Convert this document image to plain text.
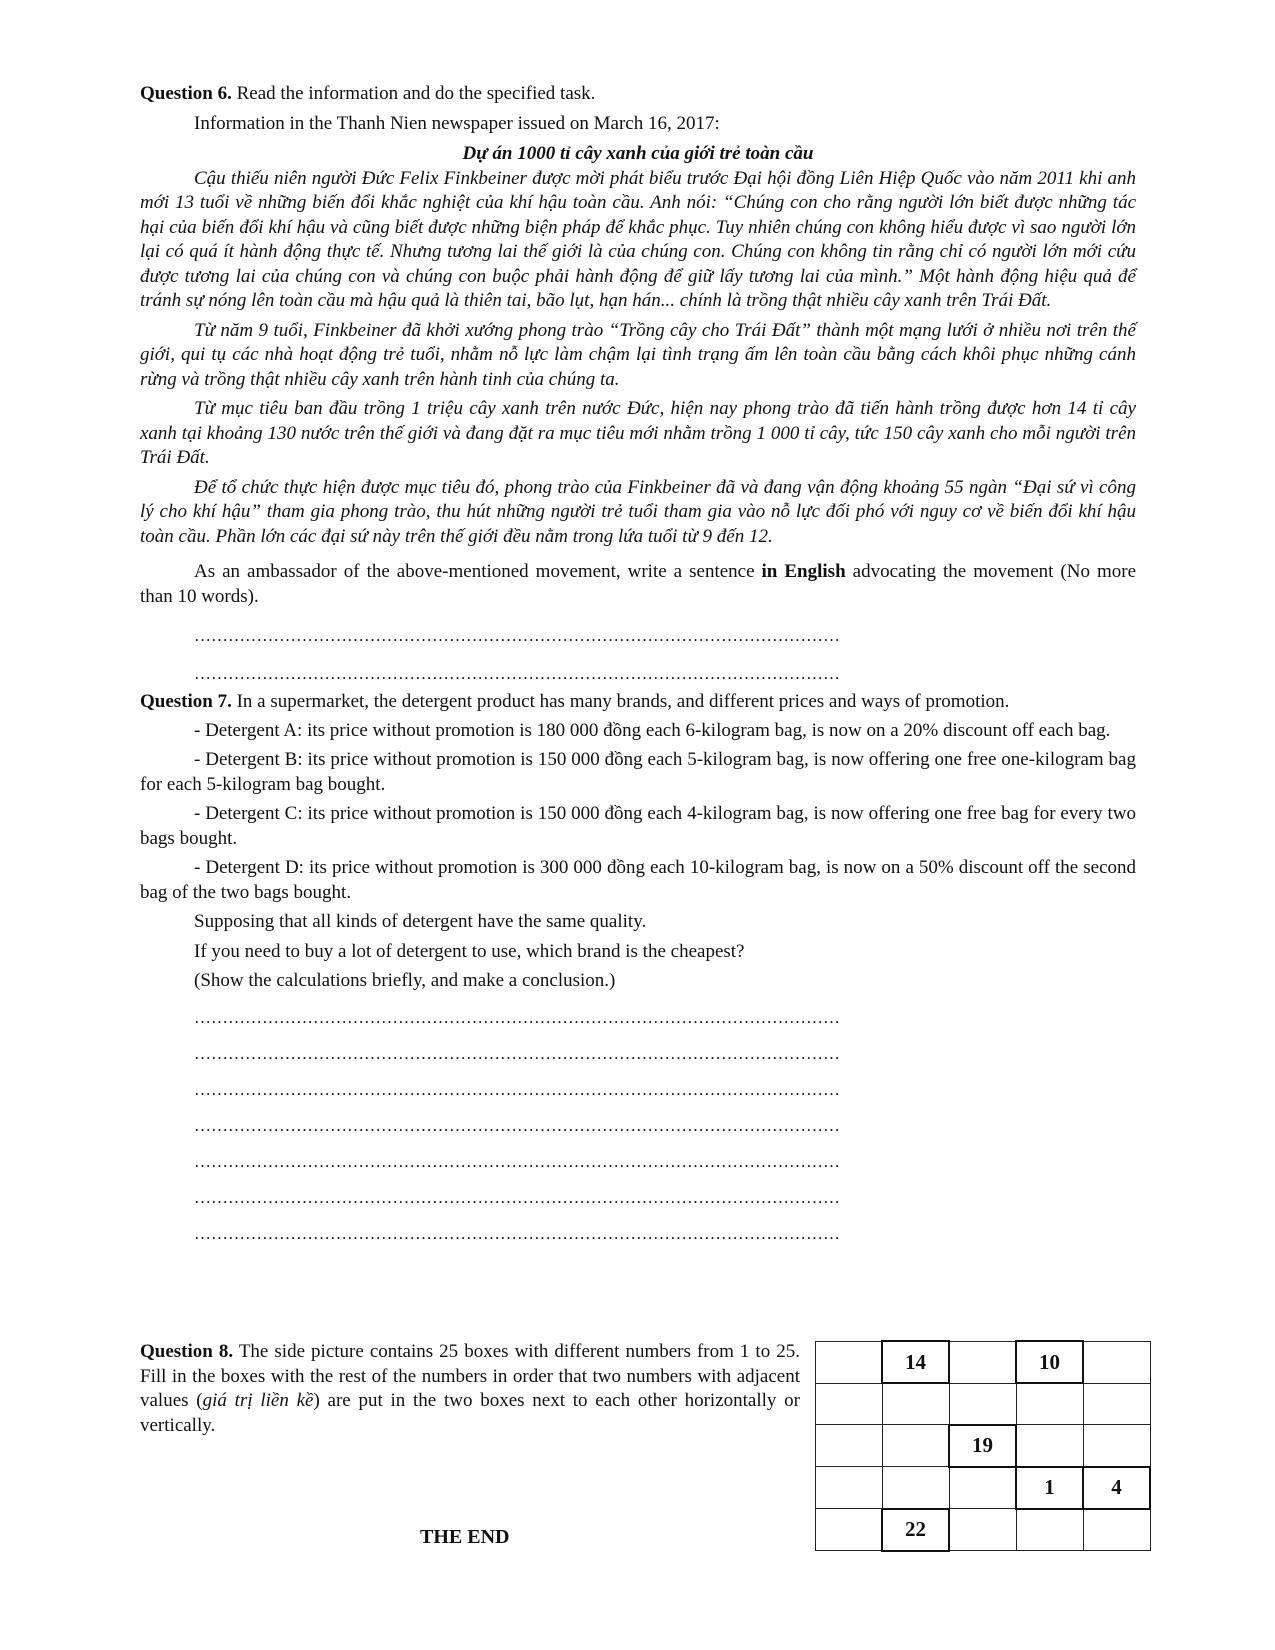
Question 6. Read the information and do the specified task.

Information in the Thanh Nien newspaper issued on March 16, 2017:

Dự án 1000 tỉ cây xanh của giới trẻ toàn cầu

Cậu thiếu niên người Đức Felix Finkbeiner được mời phát biểu trước Đại hội đồng Liên Hiệp Quốc vào năm 2011 khi anh mới 13 tuổi về những biến đổi khắc nghiệt của khí hậu toàn cầu. Anh nói: “Chúng con cho rằng người lớn biết được những tác hại của biến đổi khí hậu và cũng biết được những biện pháp để khắc phục. Tuy nhiên chúng con không hiểu được vì sao người lớn lại có quá ít hành động thực tế. Nhưng tương lai thế giới là của chúng con. Chúng con không tin rằng chỉ có người lớn mới cứu được tương lai của chúng con và chúng con buộc phải hành động để giữ lấy tương lai của mình.” Một hành động hiệu quả để tránh sự nóng lên toàn cầu mà hậu quả là thiên tai, bão lụt, hạn hán... chính là trồng thật nhiều cây xanh trên Trái Đất.

Từ năm 9 tuổi, Finkbeiner đã khởi xướng phong trào “Trồng cây cho Trái Đất” thành một mạng lưới ở nhiều nơi trên thế giới, qui tụ các nhà hoạt động trẻ tuổi, nhằm nỗ lực làm chậm lại tình trạng ấm lên toàn cầu bằng cách khôi phục những cánh rừng và trồng thật nhiều cây xanh trên hành tinh của chúng ta.

Từ mục tiêu ban đầu trồng 1 triệu cây xanh trên nước Đức, hiện nay phong trào đã tiến hành trồng được hơn 14 tỉ cây xanh tại khoảng 130 nước trên thế giới và đang đặt ra mục tiêu mới nhằm trồng 1 000 tỉ cây, tức 150 cây xanh cho mỗi người trên Trái Đất.

Để tổ chức thực hiện được mục tiêu đó, phong trào của Finkbeiner đã và đang vận động khoảng 55 ngàn “Đại sứ vì công lý cho khí hậu” tham gia phong trào, thu hút những người trẻ tuổi tham gia vào nỗ lực đối phó với nguy cơ về biến đổi khí hậu toàn cầu. Phần lớn các đại sứ này trên thế giới đều nằm trong lứa tuổi từ 9 đến 12.

As an ambassador of the above-mentioned movement, write a sentence in English advocating the movement (No more than 10 words).

……………………………………………………………………………………………………
……………………………………………………………………………………………………

Question 7. In a supermarket, the detergent product has many brands, and different prices and ways of promotion.

- Detergent A: its price without promotion is 180 000 đồng each 6-kilogram bag, is now on a 20% discount off each bag.

- Detergent B: its price without promotion is 150 000 đồng each 5-kilogram bag, is now offering one free one-kilogram bag for each 5-kilogram bag bought.

- Detergent C: its price without promotion is 150 000 đồng each 4-kilogram bag, is now offering one free bag for every two bags bought.

- Detergent D: its price without promotion is 300 000 đồng each 10-kilogram bag, is now on a 50% discount off the second bag of the two bags bought.

Supposing that all kinds of detergent have the same quality.

If you need to buy a lot of detergent to use, which brand is the cheapest?

(Show the calculations briefly, and make a conclusion.)

……………………………………………………………………………………………………
……………………………………………………………………………………………………
……………………………………………………………………………………………………
……………………………………………………………………………………………………
……………………………………………………………………………………………………
……………………………………………………………………………………………………
……………………………………………………………………………………………………

Question 8. The side picture contains 25 boxes with different numbers from 1 to 25. Fill in the boxes with the rest of the numbers in order that two numbers with adjacent values (giá trị liền kề) are put in the two boxes next to each other horizontally or vertically.

	14		10	

		19		
			1	4
	22			
THE END
